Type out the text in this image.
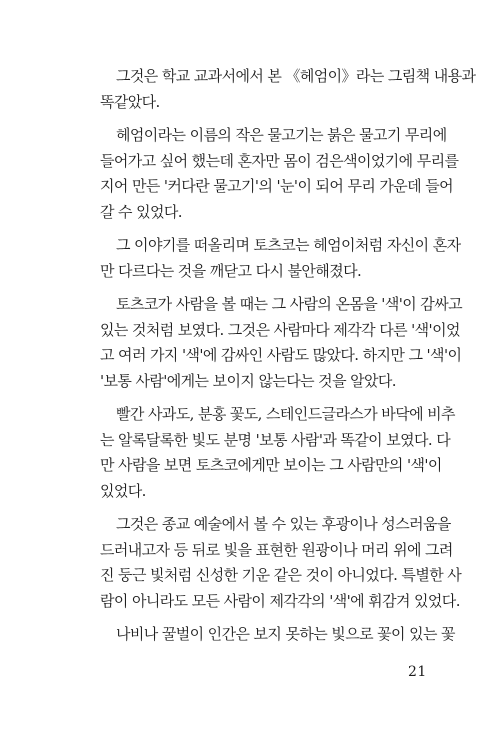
그것은 학교 교과서에서 본 《헤엄이》라는 그림책 내용과
똑같았다.

헤엄이라는 이름의 작은 물고기는 붉은 물고기 무리에
들어가고 싶어 했는데 혼자만 몸이 검은색이었기에 무리를
지어 만든 '커다란 물고기'의 '눈'이 되어 무리 가운데 들어
갈 수 있었다.

그 이야기를 떠올리며 토츠코는 헤엄이처럼 자신이 혼자
만 다르다는 것을 깨닫고 다시 불안해졌다.

토츠코가 사람을 볼 때는 그 사람의 온몸을 '색'이 감싸고
있는 것처럼 보였다. 그것은 사람마다 제각각 다른 '색'이었
고 여러 가지 '색'에 감싸인 사람도 많았다. 하지만 그 '색'이
'보통 사람'에게는 보이지 않는다는 것을 알았다.

빨간 사과도, 분홍 꽃도, 스테인드글라스가 바닥에 비추
는 알록달록한 빛도 분명 '보통 사람'과 똑같이 보였다. 다
만 사람을 보면 토츠코에게만 보이는 그 사람만의 '색'이
있었다.

그것은 종교 예술에서 볼 수 있는 후광이나 성스러움을
드러내고자 등 뒤로 빛을 표현한 원광이나 머리 위에 그려
진 둥근 빛처럼 신성한 기운 같은 것이 아니었다. 특별한 사
람이 아니라도 모든 사람이 제각각의 '색'에 휘감겨 있었다.

나비나 꿀벌이 인간은 보지 못하는 빛으로 꽃이 있는 꽃

21
